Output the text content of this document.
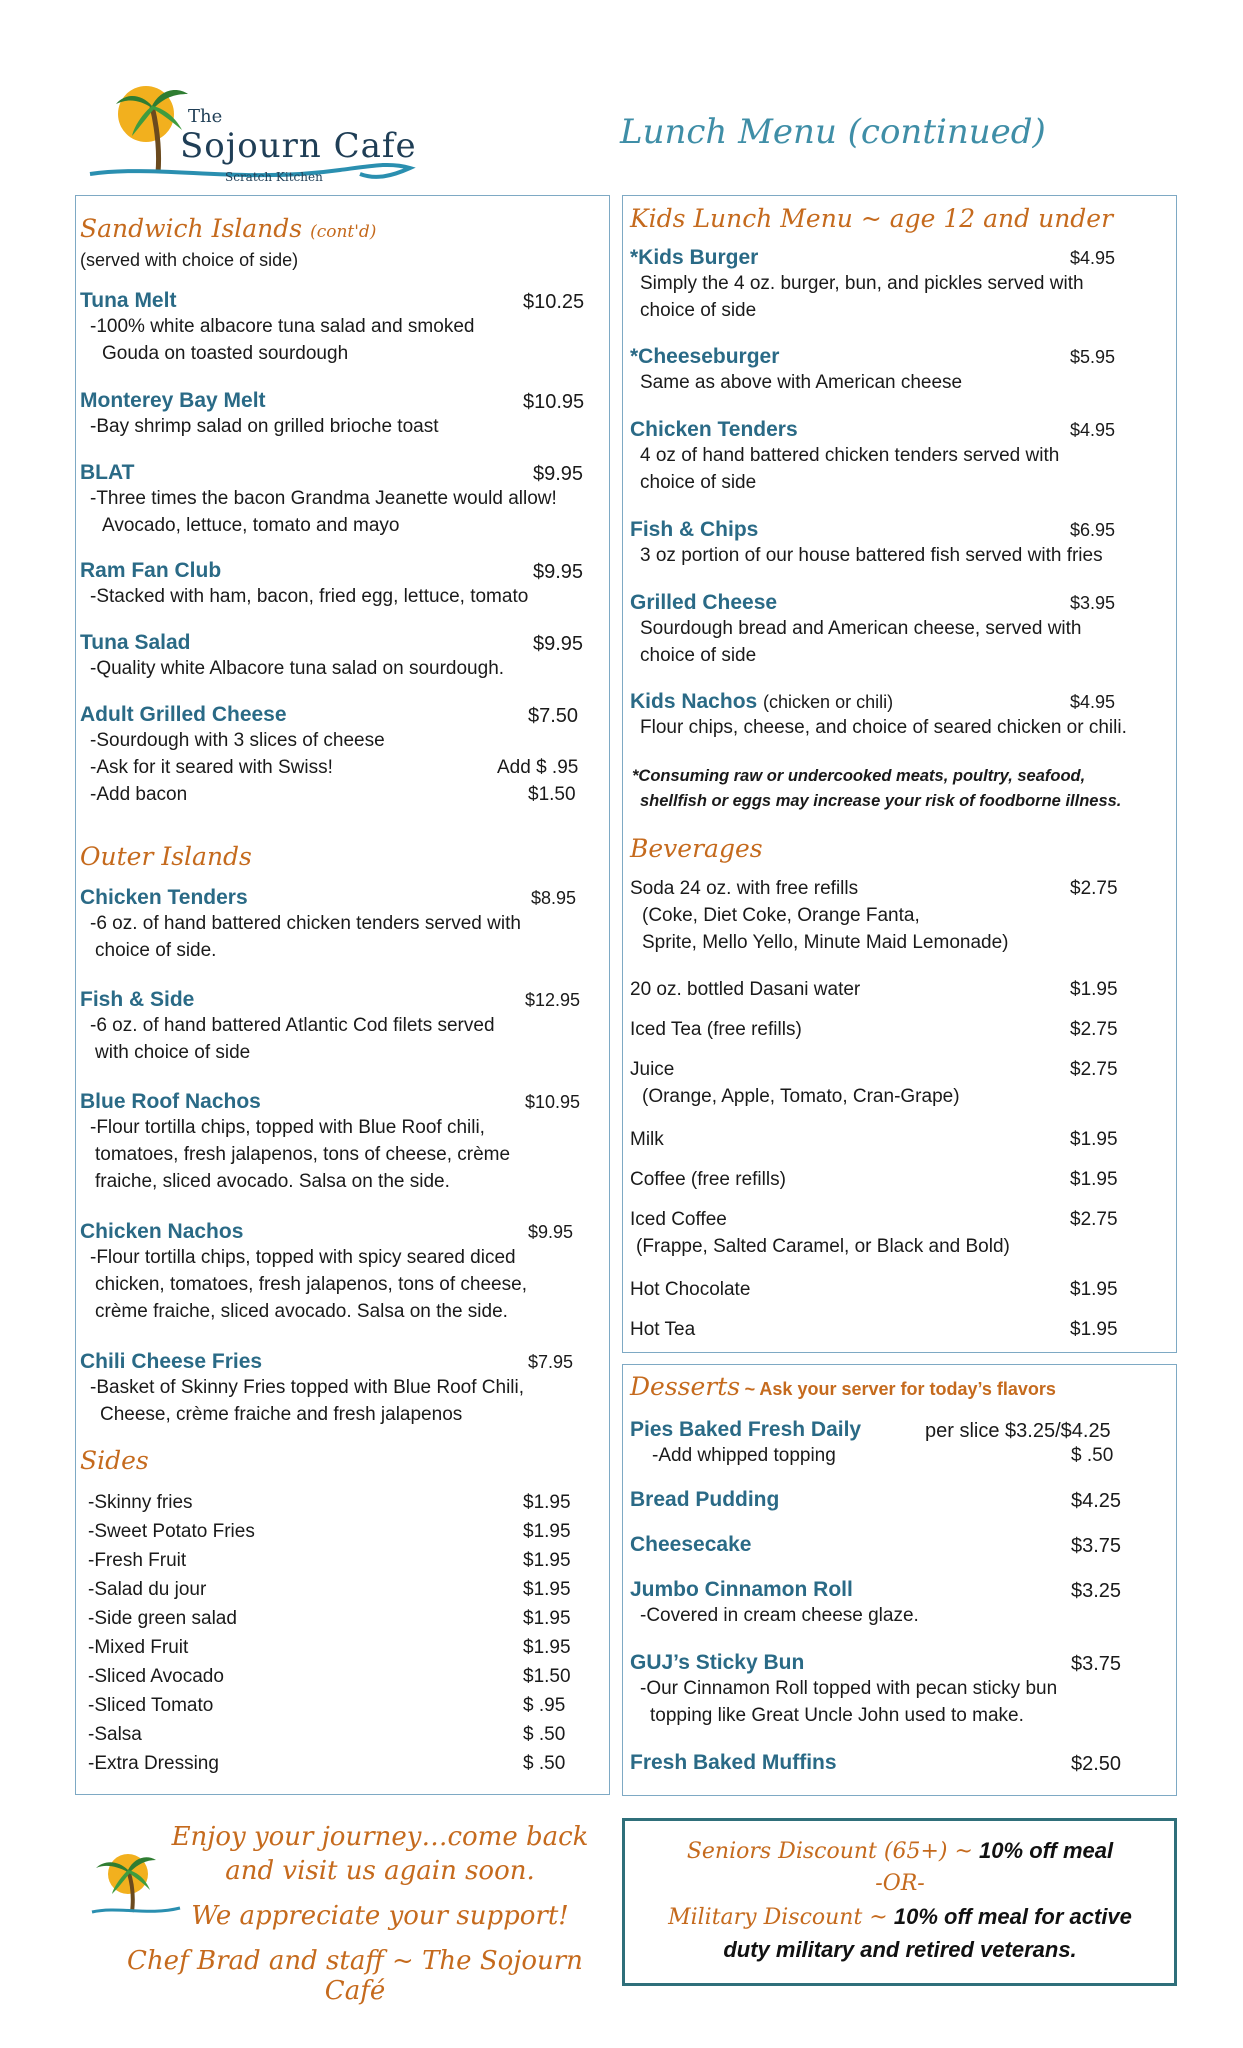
The
Sojourn Cafe
Scratch Kitchen
Lunch Menu (continued)
Sandwich Islands (cont'd)
(served with choice of side)
Tuna Melt	$10.25
-100% white albacore tuna salad and smoked
Gouda on toasted sourdough
Monterey Bay Melt	$10.95
-Bay shrimp salad on grilled brioche toast
BLAT	$9.95
-Three times the bacon Grandma Jeanette would allow!
Avocado, lettuce, tomato and mayo
Ram Fan Club	$9.95
-Stacked with ham, bacon, fried egg, lettuce, tomato
Tuna Salad	$9.95
-Quality white Albacore tuna salad on sourdough.
Adult Grilled Cheese	$7.50
-Sourdough with 3 slices of cheese
-Ask for it seared with Swiss!	Add $ .95
-Add bacon	$1.50
Outer Islands
Chicken Tenders	$8.95
-6 oz. of hand battered chicken tenders served with
choice of side.
Fish & Side	$12.95
-6 oz. of hand battered Atlantic Cod filets served
with choice of side
Blue Roof Nachos	$10.95
-Flour tortilla chips, topped with Blue Roof chili,
tomatoes, fresh jalapenos, tons of cheese, crème
fraiche, sliced avocado. Salsa on the side.
Chicken Nachos	$9.95
-Flour tortilla chips, topped with spicy seared diced
chicken, tomatoes, fresh jalapenos, tons of cheese,
crème fraiche, sliced avocado. Salsa on the side.
Chili Cheese Fries	$7.95
-Basket of Skinny Fries topped with Blue Roof Chili,
Cheese, crème fraiche and fresh jalapenos
Sides
-Skinny fries	$1.95
-Sweet Potato Fries	$1.95
-Fresh Fruit	$1.95
-Salad du jour	$1.95
-Side green salad	$1.95
-Mixed Fruit	$1.95
-Sliced Avocado	$1.50
-Sliced Tomato	$ .95
-Salsa	$ .50
-Extra Dressing	$ .50
Kids Lunch Menu ~ age 12 and under
*Kids Burger	$4.95
Simply the 4 oz. burger, bun, and pickles served with
choice of side
*Cheeseburger	$5.95
Same as above with American cheese
Chicken Tenders	$4.95
4 oz of hand battered chicken tenders served with
choice of side
Fish & Chips	$6.95
3 oz portion of our house battered fish served with fries
Grilled Cheese	$3.95
Sourdough bread and American cheese, served with
choice of side
Kids Nachos (chicken or chili)	$4.95
Flour chips, cheese, and choice of seared chicken or chili.
*Consuming raw or undercooked meats, poultry, seafood,
shellfish or eggs may increase your risk of foodborne illness.
Beverages
Soda 24 oz. with free refills	$2.75
(Coke, Diet Coke, Orange Fanta,
Sprite, Mello Yello, Minute Maid Lemonade)
20 oz. bottled Dasani water	$1.95
Iced Tea (free refills)	$2.75
Juice	$2.75
(Orange, Apple, Tomato, Cran-Grape)
Milk	$1.95
Coffee (free refills)	$1.95
Iced Coffee	$2.75
(Frappe, Salted Caramel, or Black and Bold)
Hot Chocolate	$1.95
Hot Tea	$1.95
Desserts ~ Ask your server for today’s flavors
Pies Baked Fresh Daily	per slice $3.25/$4.25
-Add whipped topping	$ .50
Bread Pudding	$4.25
Cheesecake	$3.75
Jumbo Cinnamon Roll	$3.25
-Covered in cream cheese glaze.
GUJ’s Sticky Bun	$3.75
-Our Cinnamon Roll topped with pecan sticky bun
topping like Great Uncle John used to make.
Fresh Baked Muffins	$2.50
Enjoy your journey…come back
and visit us again soon.
We appreciate your support!
Chef Brad and staff ~ The Sojourn Café
Seniors Discount (65+) ~ 10% off meal
-OR-
Military Discount ~ 10% off meal for active
duty military and retired veterans.
